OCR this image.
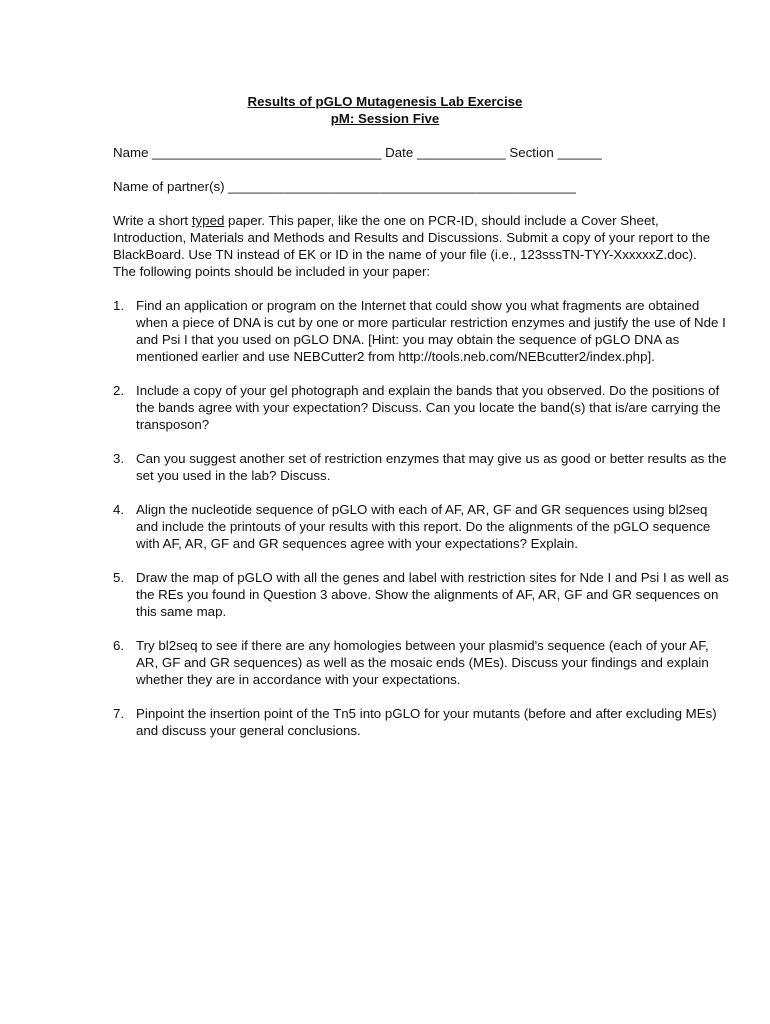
Results of pGLO Mutagenesis Lab Exercise

pM: Session Five

Name _______________________________ Date ____________ Section ______
Name of partner(s) _______________________________________________

Write a short typed paper. This paper, like the one on PCR-ID, should include a Cover Sheet, Introduction, Materials and Methods and Results and Discussions. Submit a copy of your report to the BlackBoard. Use TN instead of EK or ID in the name of your file (i.e., 123sssTN-TYY-XxxxxxZ.doc). The following points should be included in your paper:

1. Find an application or program on the Internet that could show you what fragments are obtained when a piece of DNA is cut by one or more particular restriction enzymes and justify the use of Nde I and Psi I that you used on pGLO DNA. [Hint: you may obtain the sequence of pGLO DNA as mentioned earlier and use NEBCutter2 from http://tools.neb.com/NEBcutter2/index.php].
2. Include a copy of your gel photograph and explain the bands that you observed. Do the positions of the bands agree with your expectation? Discuss. Can you locate the band(s) that is/are carrying the transposon?
3. Can you suggest another set of restriction enzymes that may give us as good or better results as the set you used in the lab? Discuss.
4. Align the nucleotide sequence of pGLO with each of AF, AR, GF and GR sequences using bl2seq and include the printouts of your results with this report. Do the alignments of the pGLO sequence with AF, AR, GF and GR sequences agree with your expectations? Explain.
5. Draw the map of pGLO with all the genes and label with restriction sites for Nde I and Psi I as well as the REs you found in Question 3 above. Show the alignments of AF, AR, GF and GR sequences on this same map.
6. Try bl2seq to see if there are any homologies between your plasmid's sequence (each of your AF, AR, GF and GR sequences) as well as the mosaic ends (MEs). Discuss your findings and explain whether they are in accordance with your expectations.
7. Pinpoint the insertion point of the Tn5 into pGLO for your mutants (before and after excluding MEs) and discuss your general conclusions.
